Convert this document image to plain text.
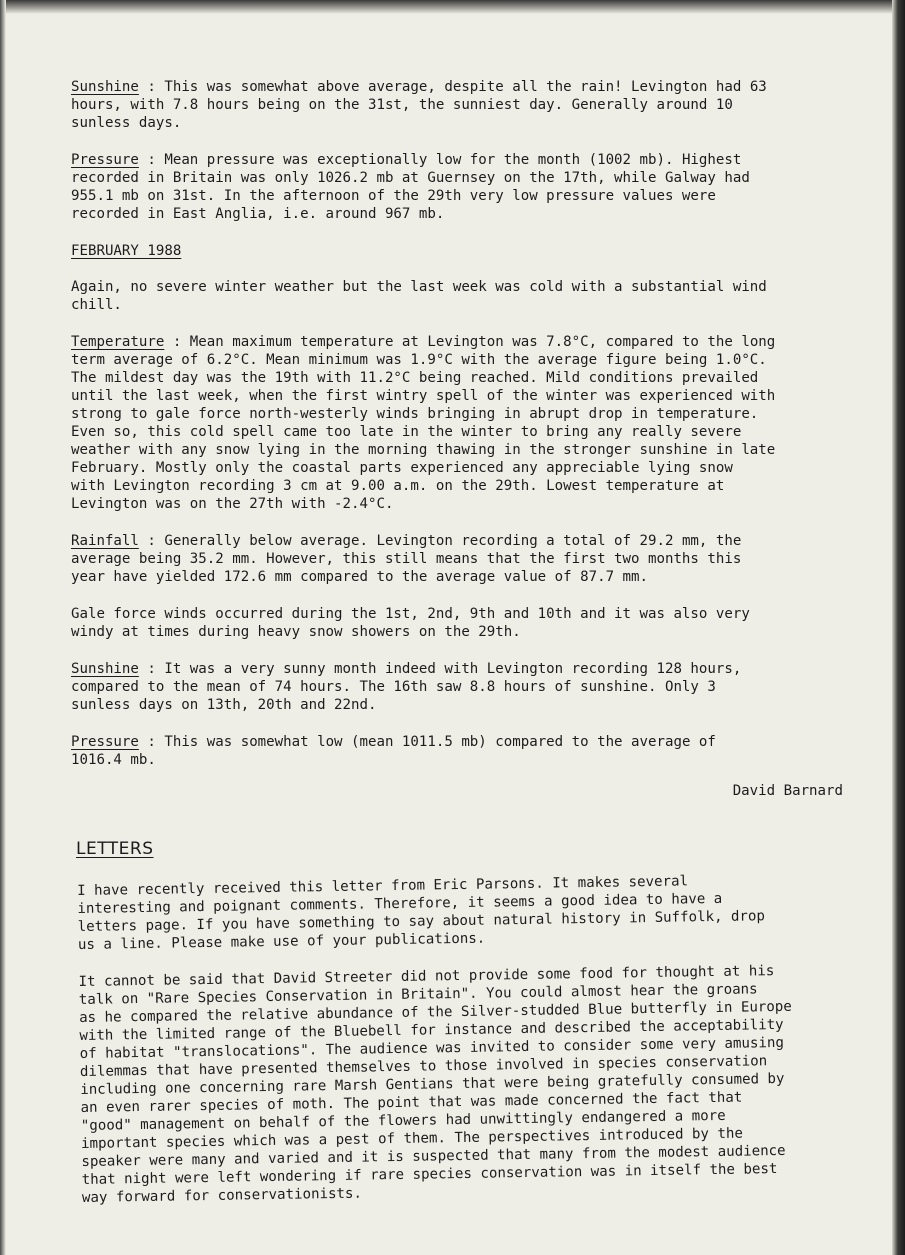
Sunshine : This was somewhat above average, despite all the rain! Levington had 63
hours, with 7.8 hours being on the 31st, the sunniest day. Generally around 10
sunless days.

Pressure : Mean pressure was exceptionally low for the month (1002 mb). Highest
recorded in Britain was only 1026.2 mb at Guernsey on the 17th, while Galway had
955.1 mb on 31st. In the afternoon of the 29th very low pressure values were
recorded in East Anglia, i.e. around 967 mb.

FEBRUARY 1988

Again, no severe winter weather but the last week was cold with a substantial wind
chill.

Temperature : Mean maximum temperature at Levington was 7.8°C, compared to the long
term average of 6.2°C. Mean minimum was 1.9°C with the average figure being 1.0°C.
The mildest day was the 19th with 11.2°C being reached. Mild conditions prevailed
until the last week, when the first wintry spell of the winter was experienced with
strong to gale force north-westerly winds bringing in abrupt drop in temperature.
Even so, this cold spell came too late in the winter to bring any really severe
weather with any snow lying in the morning thawing in the stronger sunshine in late
February. Mostly only the coastal parts experienced any appreciable lying snow
with Levington recording 3 cm at 9.00 a.m. on the 29th. Lowest temperature at
Levington was on the 27th with -2.4°C.

Rainfall : Generally below average. Levington recording a total of 29.2 mm, the
average being 35.2 mm. However, this still means that the first two months this
year have yielded 172.6 mm compared to the average value of 87.7 mm.

Gale force winds occurred during the 1st, 2nd, 9th and 10th and it was also very
windy at times during heavy snow showers on the 29th.

Sunshine : It was a very sunny month indeed with Levington recording 128 hours,
compared to the mean of 74 hours. The 16th saw 8.8 hours of sunshine. Only 3
sunless days on 13th, 20th and 22nd.

Pressure : This was somewhat low (mean 1011.5 mb) compared to the average of
1016.4 mb.

David Barnard

LETTERS

I have recently received this letter from Eric Parsons. It makes several
interesting and poignant comments. Therefore, it seems a good idea to have a
letters page. If you have something to say about natural history in Suffolk, drop
us a line. Please make use of your publications.

It cannot be said that David Streeter did not provide some food for thought at his
talk on "Rare Species Conservation in Britain". You could almost hear the groans
as he compared the relative abundance of the Silver-studded Blue butterfly in Europe
with the limited range of the Bluebell for instance and described the acceptability
of habitat "translocations". The audience was invited to consider some very amusing
dilemmas that have presented themselves to those involved in species conservation
including one concerning rare Marsh Gentians that were being gratefully consumed by
an even rarer species of moth. The point that was made concerned the fact that
"good" management on behalf of the flowers had unwittingly endangered a more
important species which was a pest of them. The perspectives introduced by the
speaker were many and varied and it is suspected that many from the modest audience
that night were left wondering if rare species conservation was in itself the best
way forward for conservationists.
